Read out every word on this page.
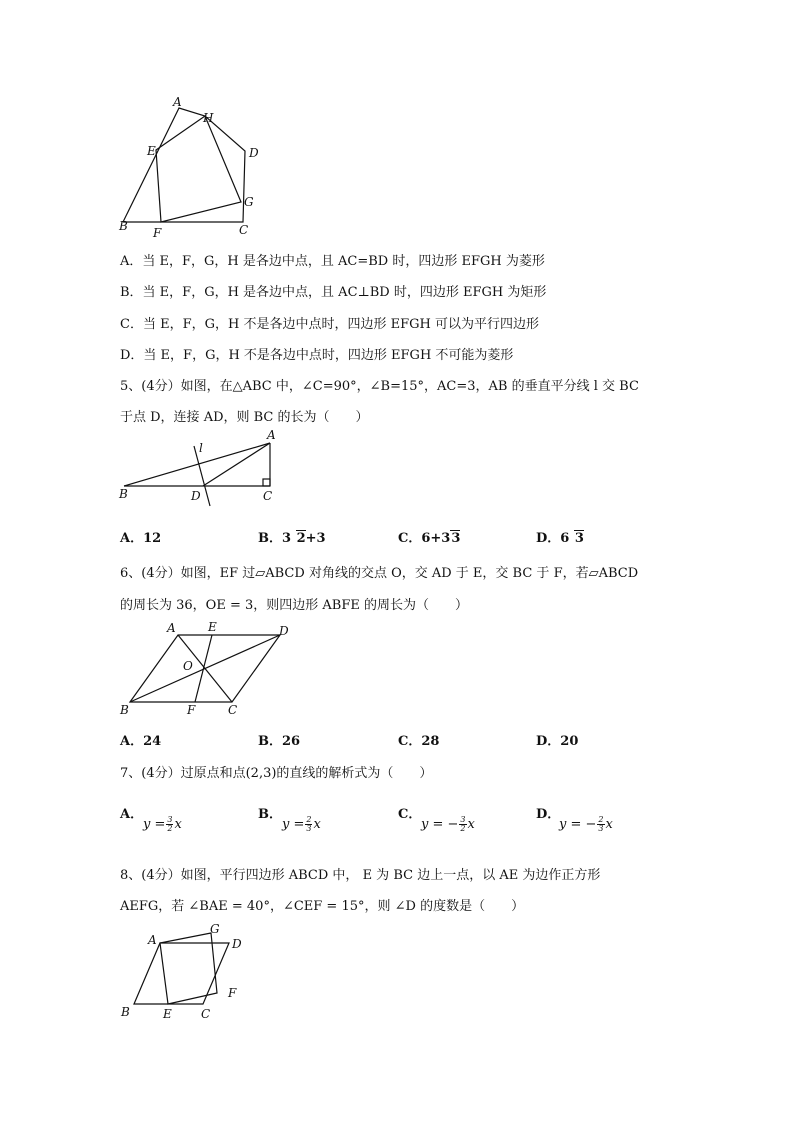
A
H
E	D
G
B F	C
A．当 E，F，G，H 是各边中点，且 AC=BD 时，四边形 EFGH 为菱形
B．当 E，F，G，H 是各边中点，且 AC⊥BD 时，四边形 EFGH 为矩形
C．当 E，F，G，H 不是各边中点时，四边形 EFGH 可以为平行四边形
D．当 E，F，G，H 不是各边中点时，四边形 EFGH 不可能为菱形
5、(4分）如图，在△ABC 中，∠C=90°，∠B=15°，AC=3，AB 的垂直平分线 l 交 BC
于点 D，连接 AD，则 BC 的长为（　　）
l
A
B	D	C
A．12	B．3 2+3	C．6+33	D．6 3
6、(4分）如图，EF 过▱ABCD 对角线的交点 O，交 AD 于 E，交 BC 于 F，若▱ABCD
的周长为 36，OE = 3，则四边形 ABFE 的周长为（　　）
A	E	D
O
B	F	C
A．24	B．26	C．28	D．20
7、(4分）过原点和点(2,3)的直线的解析式为（　　）
A．	B．	C．	D．
$y = \frac{3}{2}$ x	$y = \frac{2}{3}$ x	y = − $\frac{3}{2}$ x	y = − $\frac{2}{3}$ x
8、(4分）如图，平行四边形 ABCD 中， E 为 BC 边上一点，以 AE 为边作正方形
AEFG，若 ∠BAE = 40°，∠CEF = 15°，则 ∠D 的度数是（　　）
A
G
D
F
B	E C
